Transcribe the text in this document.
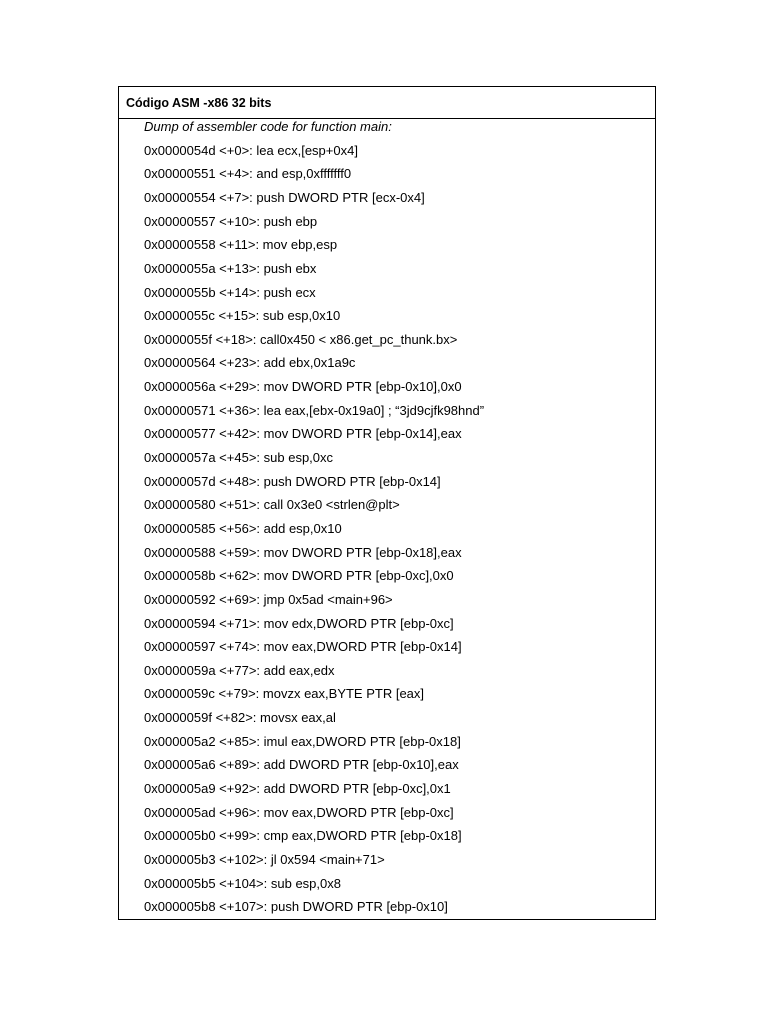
Código ASM -x86 32 bits
Dump of assembler code for function main:
0x0000054d <+0>: lea ecx,[esp+0x4]
0x00000551 <+4>: and esp,0xfffffff0
0x00000554 <+7>: push DWORD PTR [ecx-0x4]
0x00000557 <+10>: push ebp
0x00000558 <+11>: mov ebp,esp
0x0000055a <+13>: push ebx
0x0000055b <+14>: push ecx
0x0000055c <+15>: sub esp,0x10
0x0000055f <+18>: call0x450 < x86.get_pc_thunk.bx>
0x00000564 <+23>: add ebx,0x1a9c
0x0000056a <+29>: mov DWORD PTR [ebp-0x10],0x0
0x00000571 <+36>: lea eax,[ebx-0x19a0] ; “3jd9cjfk98hnd”
0x00000577 <+42>: mov DWORD PTR [ebp-0x14],eax
0x0000057a <+45>: sub esp,0xc
0x0000057d <+48>: push DWORD PTR [ebp-0x14]
0x00000580 <+51>: call 0x3e0 <strlen@plt>
0x00000585 <+56>: add esp,0x10
0x00000588 <+59>: mov DWORD PTR [ebp-0x18],eax
0x0000058b <+62>: mov DWORD PTR [ebp-0xc],0x0
0x00000592 <+69>: jmp 0x5ad <main+96>
0x00000594 <+71>: mov edx,DWORD PTR [ebp-0xc]
0x00000597 <+74>: mov eax,DWORD PTR [ebp-0x14]
0x0000059a <+77>: add eax,edx
0x0000059c <+79>: movzx eax,BYTE PTR [eax]
0x0000059f <+82>: movsx eax,al
0x000005a2 <+85>: imul eax,DWORD PTR [ebp-0x18]
0x000005a6 <+89>: add DWORD PTR [ebp-0x10],eax
0x000005a9 <+92>: add DWORD PTR [ebp-0xc],0x1
0x000005ad <+96>: mov eax,DWORD PTR [ebp-0xc]
0x000005b0 <+99>: cmp eax,DWORD PTR [ebp-0x18]
0x000005b3 <+102>: jl 0x594 <main+71>
0x000005b5 <+104>: sub esp,0x8
0x000005b8 <+107>: push DWORD PTR [ebp-0x10]
